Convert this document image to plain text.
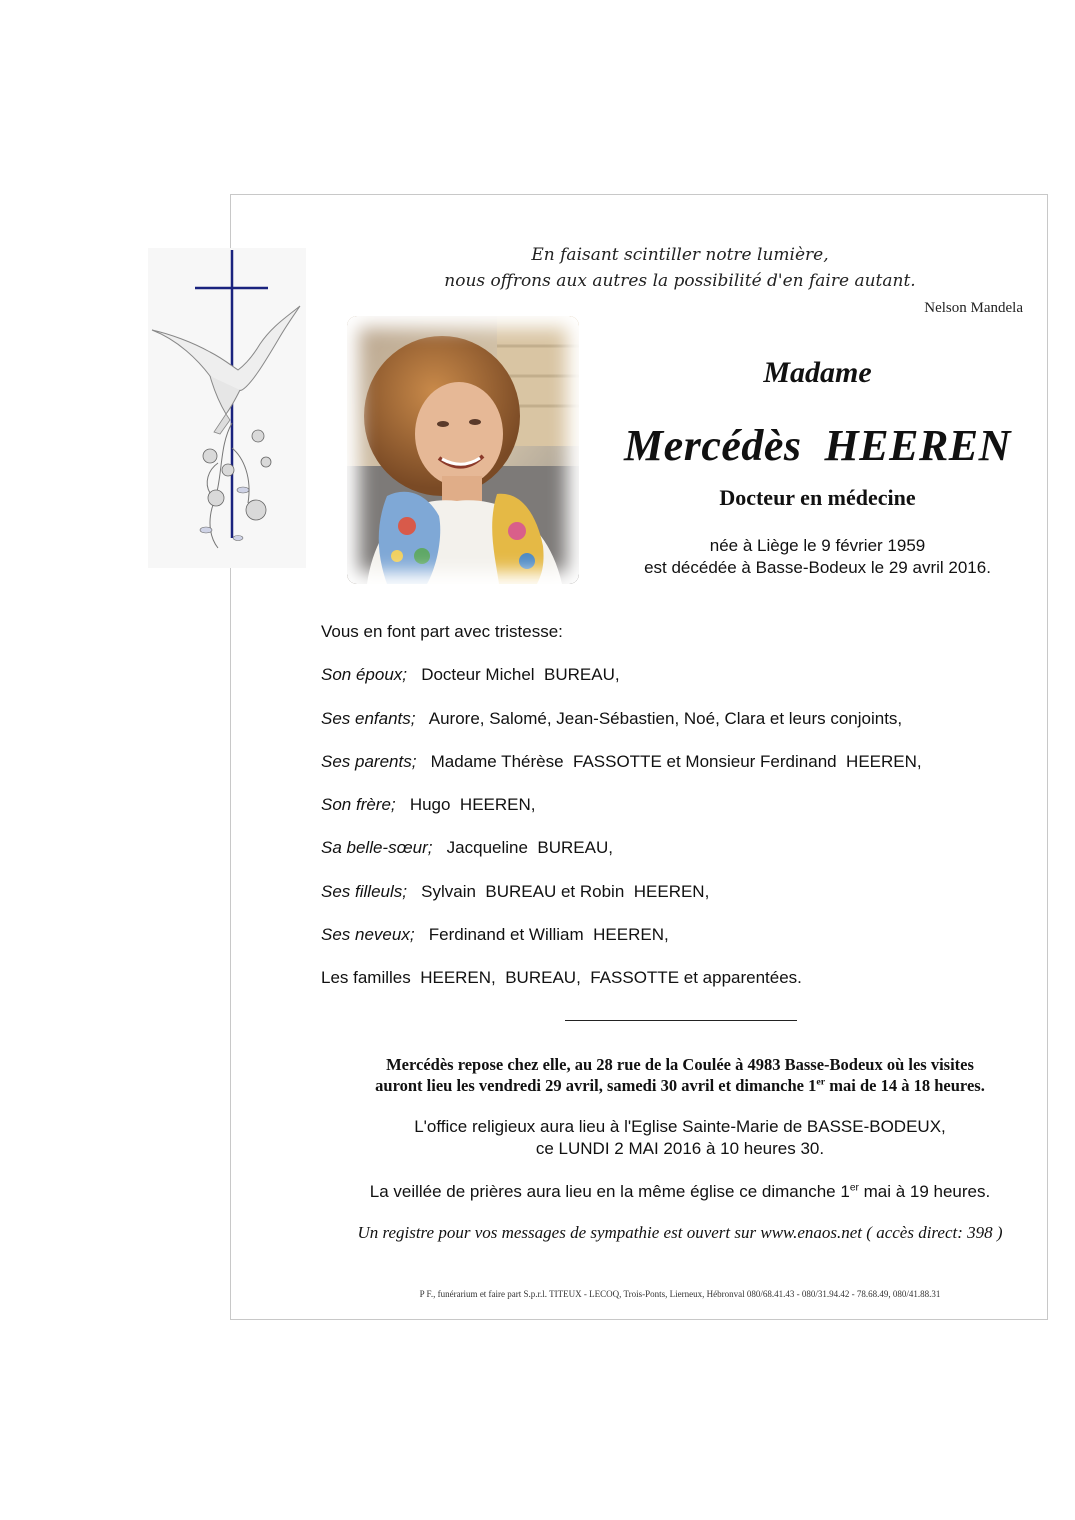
En faisant scintiller notre lumière,
nous offrons aux autres la possibilité d'en faire autant.
Nelson Mandela
Madame
Mercédès  HEEREN
Docteur en médecine
née à Liège le 9 février 1959
est décédée à Basse-Bodeux le 29 avril 2016.
Vous en font part avec tristesse:
Son époux; Docteur Michel  BUREAU,
Ses enfants; Aurore, Salomé, Jean-Sébastien, Noé, Clara et leurs conjoints,
Ses parents; Madame Thérèse  FASSOTTE et Monsieur Ferdinand  HEEREN,
Son frère; Hugo  HEEREN,
Sa belle-sœur; Jacqueline  BUREAU,
Ses filleuls; Sylvain  BUREAU et Robin  HEEREN,
Ses neveux; Ferdinand et William  HEEREN,
Les familles  HEEREN,  BUREAU,  FASSOTTE et apparentées.
Mercédès repose chez elle, au 28 rue de la Coulée à 4983 Basse-Bodeux où les visites
auront lieu les vendredi 29 avril, samedi 30 avril et dimanche 1er mai de 14 à 18 heures.
L'office religieux aura lieu à l'Eglise Sainte-Marie de BASSE-BODEUX,
ce LUNDI 2 MAI 2016 à 10 heures 30.
La veillée de prières aura lieu en la même église ce dimanche 1er mai à 19 heures.
Un registre pour vos messages de sympathie est ouvert sur www.enaos.net ( accès direct: 398 )
P F., funérarium et faire part S.p.r.l. TITEUX - LECOQ, Trois-Ponts, Lierneux, Hébronval 080/68.41.43 - 080/31.94.42 - 78.68.49, 080/41.88.31
